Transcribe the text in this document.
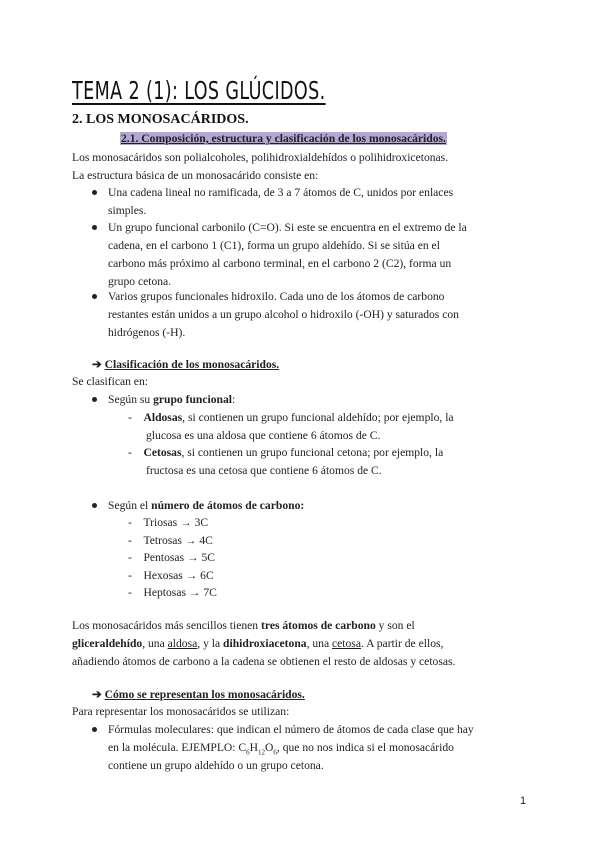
TEMA 2 (1): LOS GLÚCIDOS.
2. LOS MONOSACÁRIDOS.
2.1. Composición, estructura y clasificación de los monosacáridos.
Los monosacáridos son polialcoholes, polihidroxialdehídos o polihidroxicetonas.
La estructura básica de un monosacárido consiste en:
Una cadena lineal no ramificada, de 3 a 7 átomos de C, unidos por enlaces
simples.
Un grupo funcional carbonilo (C=O). Si este se encuentra en el extremo de la
cadena, en el carbono 1 (C1), forma un grupo aldehído. Si se sitúa en el
carbono más próximo al carbono terminal, en el carbono 2 (C2), forma un
grupo cetona.
Varios grupos funcionales hidroxilo. Cada uno de los átomos de carbono
restantes están unidos a un grupo alcohol o hidroxilo (-OH) y saturados con
hidrógenos (-H).
➔ Clasificación de los monosacáridos.
Se clasifican en:
Según su grupo funcional:
-    Aldosas, si contienen un grupo funcional aldehído; por ejemplo, la
glucosa es una aldosa que contiene 6 átomos de C.
-    Cetosas, si contienen un grupo funcional cetona; por ejemplo, la
fructosa es una cetosa que contiene 6 átomos de C.
Según el número de átomos de carbono:
-    Triosas → 3C
-    Tetrosas → 4C
-    Pentosas → 5C
-    Hexosas → 6C
-    Heptosas → 7C
Los monosacáridos más sencillos tienen tres átomos de carbono y son el
gliceraldehído, una aldosa, y la dihidroxiacetona, una cetosa. A partir de ellos,
añadiendo átomos de carbono a la cadena se obtienen el resto de aldosas y cetosas.
➔ Cómo se representan los monosacáridos.
Para representar los monosacáridos se utilizan:
Fórmulas moleculares: que indican el número de átomos de cada clase que hay
en la molécula. EJEMPLO: $C_6H_{12}O_6$, que no nos indica si el monosacárido
contiene un grupo aldehído o un grupo cetona.
1
